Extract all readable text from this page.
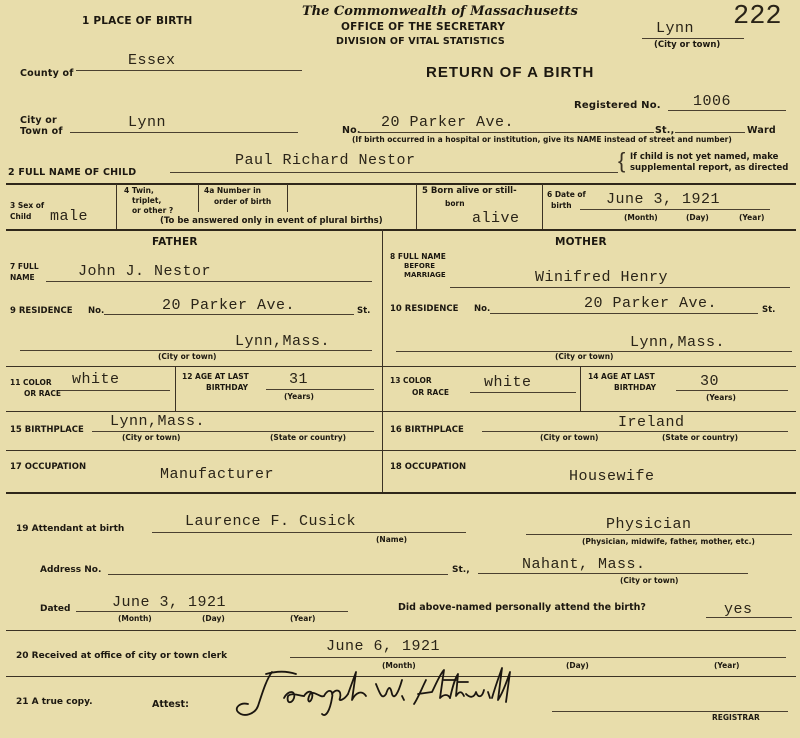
1 PLACE OF BIRTH
The Commonwealth of Massachusetts
OFFICE OF THE SECRETARY
DIVISION OF VITAL STATISTICS
Lynn
(City or town)
222
County of
Essex
RETURN OF A BIRTH
Registered No. 1006
City or
Town of
Lynn	No. 20 Parker Ave.	St.,	Ward
(If birth occurred in a hospital or institution, give its NAME instead of street and number)
2 FULL NAME OF CHILD
Paul Richard Nestor	{ If child is not yet named, make
supplemental report, as directed
3 Sex of
Child male
4 Twin,
triplet,
or other ?
4a Number in
order of birth
(To be answered only in event of plural births)
5 Born alive or still-
born
alive
6 Date of
birth June 3, 1921
(Month)	(Day)	(Year)
FATHER	MOTHER
7 FULL
NAME	John J. Nestor
9 RESIDENCE No.	20 Parker Ave.	St.
Lynn,Mass.
(City or town)
11 COLOR
OR RACE
white	12 AGE AT LAST
BIRTHDAY	31
(Years)
15 BIRTHPLACE Lynn,Mass.
(City or town)	(State or country)
17 OCCUPATION	Manufacturer
8 FULL NAME
BEFORE
MARRIAGE	Winifred Henry
10 RESIDENCE No.	20 Parker Ave.	St.
Lynn,Mass.
(City or town)
13 COLOR
OR RACE
white	14 AGE AT LAST
BIRTHDAY	30
(Years)
16 BIRTHPLACE	Ireland
(City or town)	(State or country)
18 OCCUPATION
Housewife
19 Attendant at birth	Laurence F. Cusick
(Name)
Physician
(Physician, midwife, father, mother, etc.)
Address No.	St.,	Nahant, Mass.
(City or town)
Dated	June 3, 1921
(Month)	(Day)	(Year)
Did above-named personally attend the birth?	yes
20 Received at office of city or town clerk
June 6, 1921
(Month)	(Day)	(Year)
21 A true copy.	Attest:
REGISTRAR
